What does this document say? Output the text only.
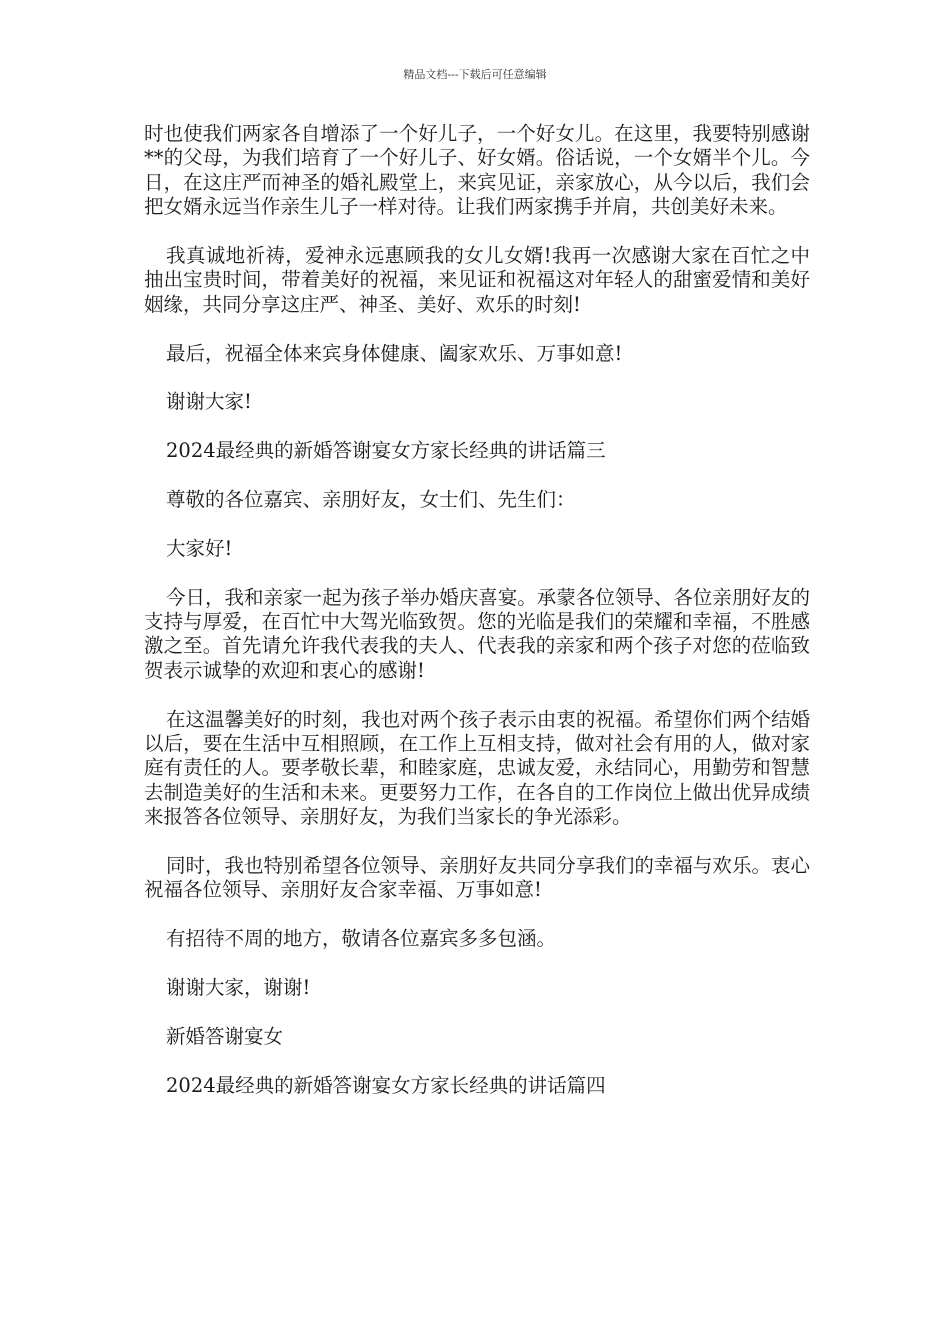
精品文档---下载后可任意编辑

时也使我们两家各自增添了一个好儿子，一个好女儿。在这里，我要特别感谢**的父母，为我们培育了一个好儿子、好女婿。俗话说，一个女婿半个儿。今日，在这庄严而神圣的婚礼殿堂上，来宾见证，亲家放心，从今以后，我们会把女婿永远当作亲生儿子一样对待。让我们两家携手并肩，共创美好未来。

我真诚地祈祷，爱神永远惠顾我的女儿女婿!我再一次感谢大家在百忙之中抽出宝贵时间，带着美好的祝福，来见证和祝福这对年轻人的甜蜜爱情和美好姻缘，共同分享这庄严、神圣、美好、欢乐的时刻!

最后，祝福全体来宾身体健康、阖家欢乐、万事如意!

谢谢大家!

2024最经典的新婚答谢宴女方家长经典的讲话篇三

尊敬的各位嘉宾、亲朋好友，女士们、先生们：

大家好!

今日，我和亲家一起为孩子举办婚庆喜宴。承蒙各位领导、各位亲朋好友的支持与厚爱，在百忙中大驾光临致贺。您的光临是我们的荣耀和幸福，不胜感激之至。首先请允许我代表我的夫人、代表我的亲家和两个孩子对您的莅临致贺表示诚挚的欢迎和衷心的感谢!

在这温馨美好的时刻，我也对两个孩子表示由衷的祝福。希望你们两个结婚以后，要在生活中互相照顾，在工作上互相支持，做对社会有用的人，做对家庭有责任的人。要孝敬长辈，和睦家庭，忠诚友爱，永结同心，用勤劳和智慧去制造美好的生活和未来。更要努力工作，在各自的工作岗位上做出优异成绩来报答各位领导、亲朋好友，为我们当家长的争光添彩。

同时，我也特别希望各位领导、亲朋好友共同分享我们的幸福与欢乐。衷心祝福各位领导、亲朋好友合家幸福、万事如意!

有招待不周的地方，敬请各位嘉宾多多包涵。

谢谢大家，谢谢!

新婚答谢宴女

2024最经典的新婚答谢宴女方家长经典的讲话篇四
